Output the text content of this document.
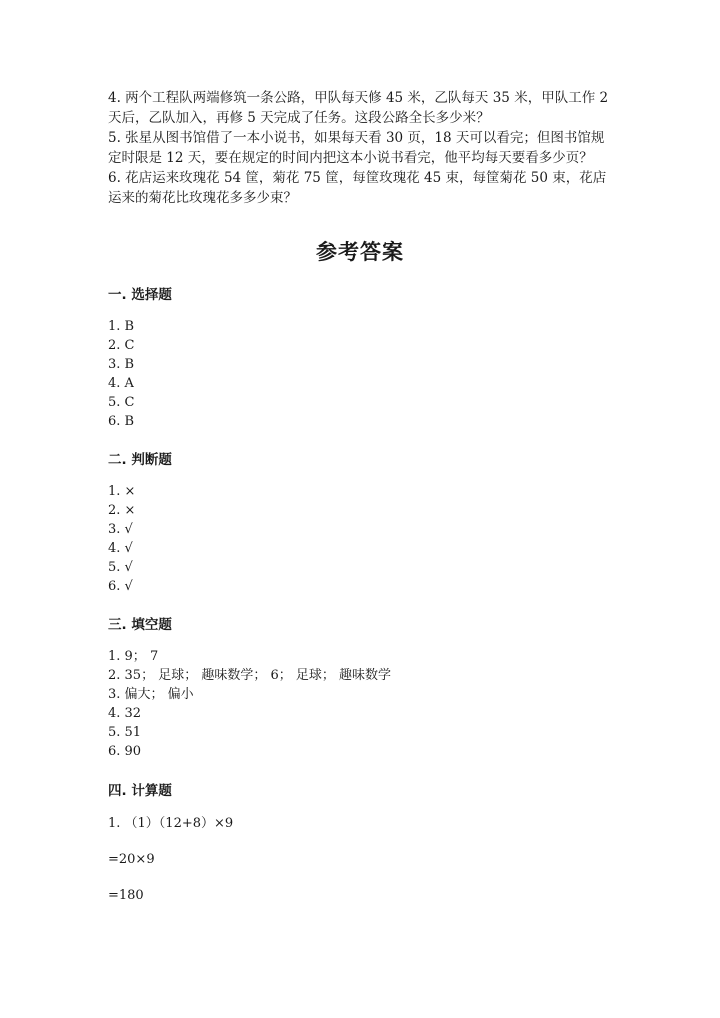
4. 两个工程队两端修筑一条公路，甲队每天修 45 米，乙队每天 35 米，甲队工作 2 天后，乙队加入，再修 5 天完成了任务。这段公路全长多少米？

5. 张星从图书馆借了一本小说书，如果每天看 30 页，18 天可以看完；但图书馆规定时限是 12 天，要在规定的时间内把这本小说书看完，他平均每天要看多少页？

6. 花店运来玫瑰花 54 筐，菊花 75 筐，每筐玫瑰花 45 束，每筐菊花 50 束，花店运来的菊花比玫瑰花多多少束？

参考答案
一. 选择题
1. B
2. C
3. B
4. A
5. C
6. B
二. 判断题
1. ×
2. ×
3. √
4. √
5. √
6. √
三. 填空题
1. 9； 7
2. 35； 足球； 趣味数学； 6； 足球； 趣味数学
3. 偏大； 偏小
4. 32
5. 51
6. 90
四. 计算题
1. （1）（12+8）×9
=20×9
=180
